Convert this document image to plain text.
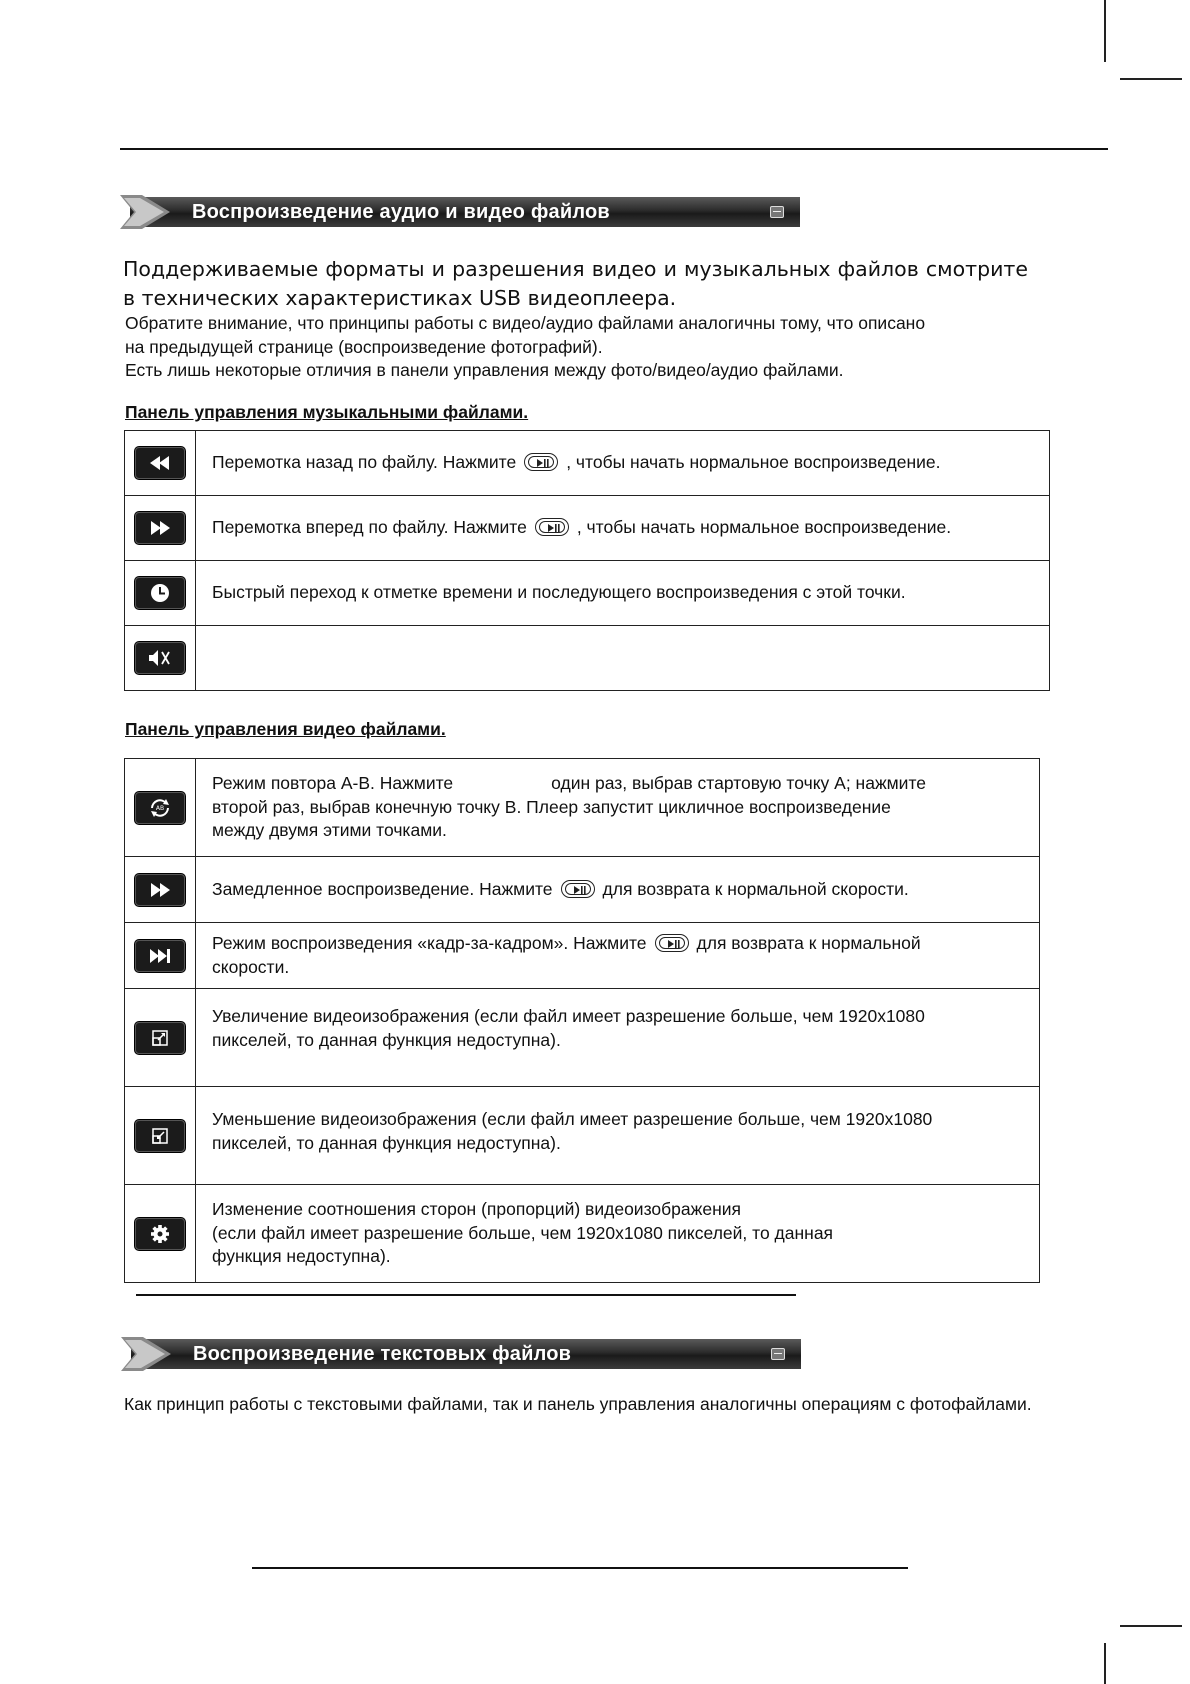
Воспроизведение аудио и видео файлов

Поддерживаемые форматы и разрешения видео и музыкальных файлов смотрите в технических характеристиках USB видеоплеера.

Обратите внимание, что принципы работы с видео/аудио файлами аналогичны тому, что описано

на предыдущей странице (воспроизведение фотографий).

Есть лишь некоторые отличия в панели управления между фото/видео/аудио файлами.

Панель управления музыкальными файлами.
	Перемотка назад по файлу. Нажмите , чтобы начать нормальное воспроизведение.

	Перемотка вперед по файлу. Нажмите , чтобы начать нормальное воспроизведение.

	Быстрый переход к отметке времени и последующего воспроизведения с этой точки.

Панель управления видео файлами.
AB	Режим повтора A-B. Нажмите один раз, выбрав стартовую точку А; нажмите
второй раз, выбрав конечную точку В. Плеер запустит цикличное воспроизведение
между двумя этими точками.

	Замедленное воспроизведение. Нажмите для возврата к нормальной скорости.

	Режим воспроизведения «кадр-за-кадром». Нажмите для возврата к нормальной
скорости.

	Увеличение видеоизображения (если файл имеет разрешение больше, чем 1920x1080
пикселей, то данная функция недоступна).

	Уменьшение видеоизображения (если файл имеет разрешение больше, чем 1920x1080
пикселей, то данная функция недоступна).

	Изменение соотношения сторон (пропорций) видеоизображения
(если файл имеет разрешение больше, чем 1920x1080 пикселей, то данная
функция недоступна).
Воспроизведение текстовых файлов

Как принцип работы с текстовыми файлами, так и панель управления аналогичны операциям с фотофайлами.
